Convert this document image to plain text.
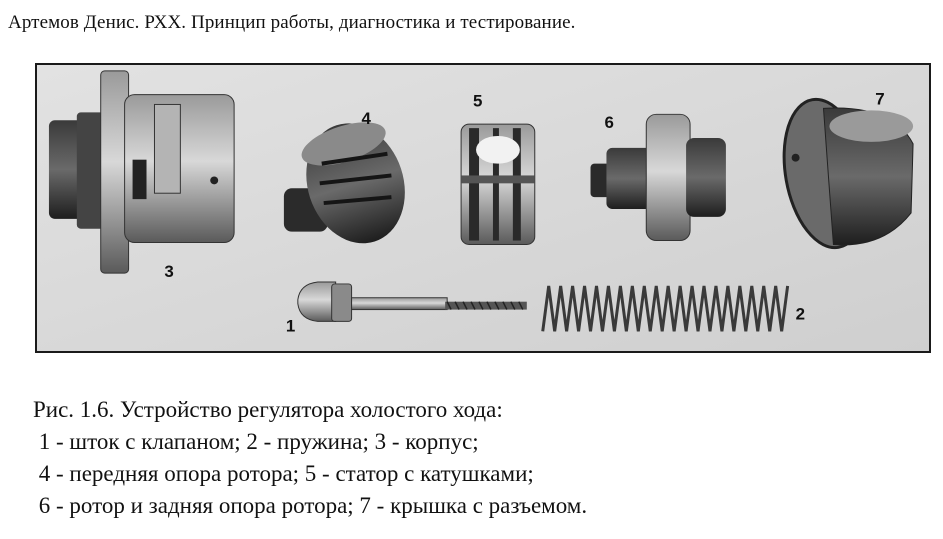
Артемов Денис. РХХ. Принцип работы, диагностика и тестирование.
1
2
3
4
5
6
7
Рис. 1.6. Устройство регулятора холостого хода:
1 - шток с клапаном; 2 - пружина; 3 - корпус;
4 - передняя опора ротора; 5 - статор с катушками;
6 - ротор и задняя опора ротора; 7 - крышка с разъемом.
